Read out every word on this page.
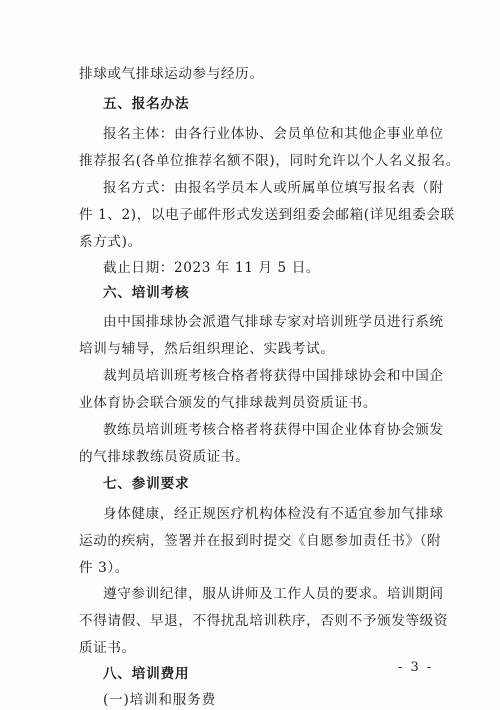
排球或气排球运动参与经历。
五、报名办法
报名主体：由各行业体协、会员单位和其他企事业单位
推荐报名(各单位推荐名额不限)，同时允许以个人名义报名。
报名方式：由报名学员本人或所属单位填写报名表（附
件 1、2)，以电子邮件形式发送到组委会邮箱(详见组委会联
系方式)。
截止日期：2023 年 11 月 5 日。
六、培训考核
由中国排球协会派遣气排球专家对培训班学员进行系统
培训与辅导，然后组织理论、实践考试。
裁判员培训班考核合格者将获得中国排球协会和中国企
业体育协会联合颁发的气排球裁判员资质证书。
教练员培训班考核合格者将获得中国企业体育协会颁发
的气排球教练员资质证书。
七、参训要求
身体健康，经正规医疗机构体检没有不适宜参加气排球
运动的疾病，签署并在报到时提交《自愿参加责任书》（附
件 3）。
遵守参训纪律，服从讲师及工作人员的要求。培训期间
不得请假、早退，不得扰乱培训秩序，否则不予颁发等级资
质证书。
八、培训费用
(一)培训和服务费
- 3 -
